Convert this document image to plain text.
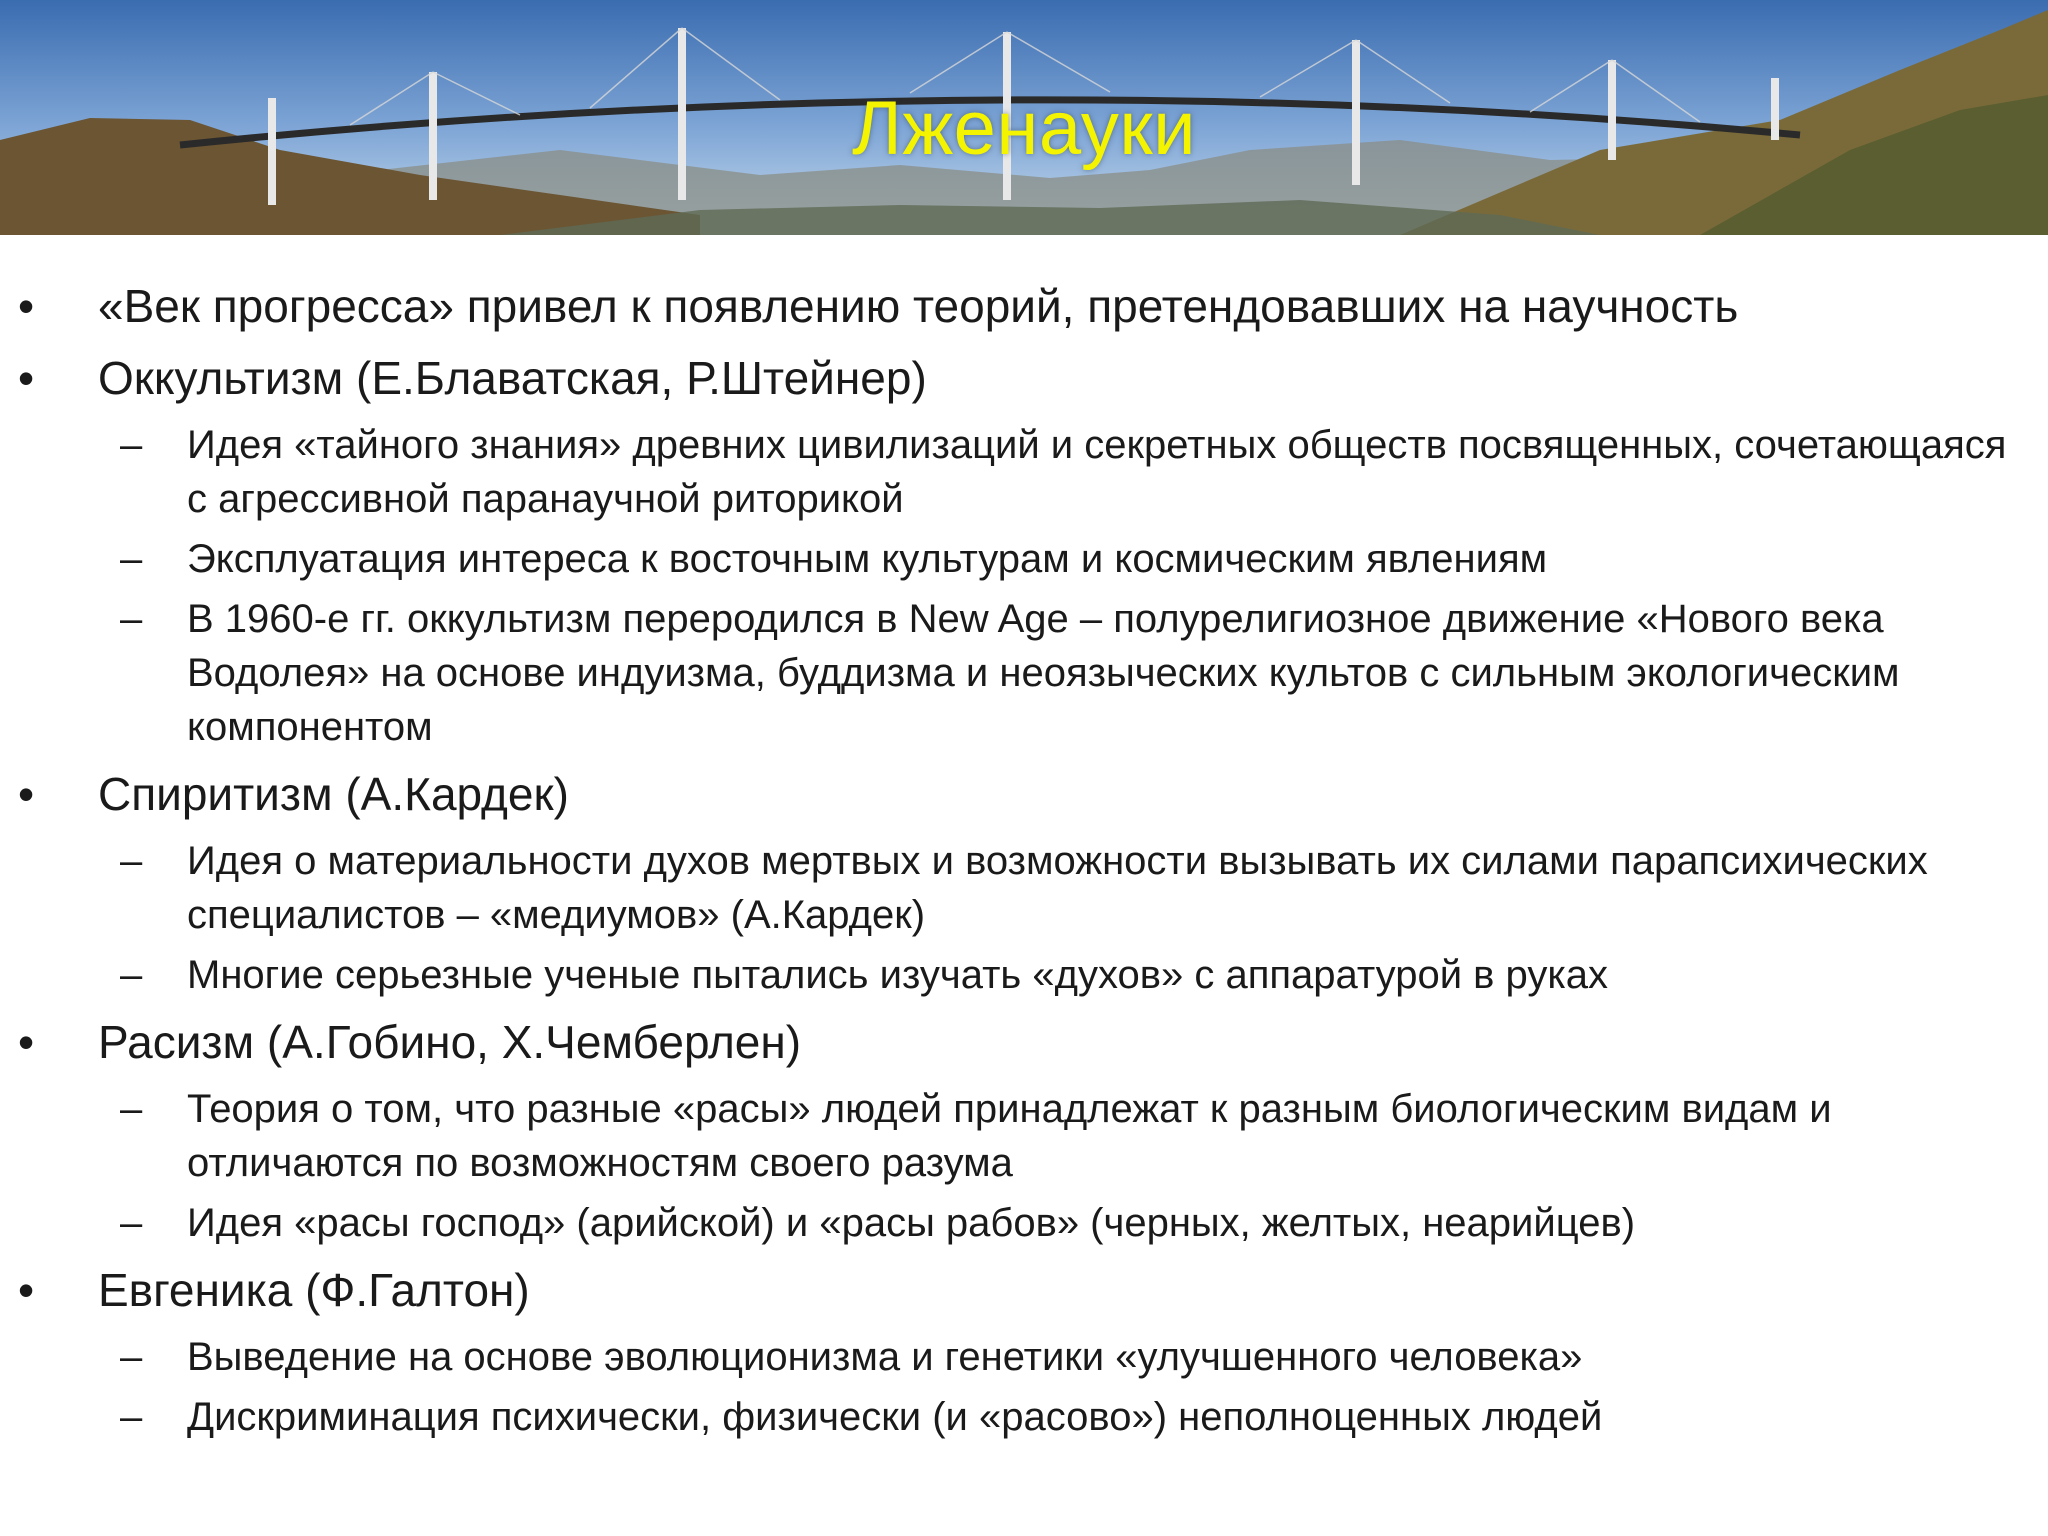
Лженауки
•	«Век прогресса» привел к появлению теорий, претендовавших на научность
•	Оккультизм (Е.Блаватская, Р.Штейнер)
– Идея «тайного знания» древних цивилизаций и секретных обществ посвященных, сочетающаяся с агрессивной паранаучной риторикой
– Эксплуатация интереса к восточным культурам и космическим явлениям
– В 1960-е гг. оккультизм переродился в New Age – полурелигиозное движение «Нового века Водолея» на основе индуизма, буддизма и неоязыческих культов с сильным экологическим компонентом
•	Спиритизм (А.Кардек)
– Идея о материальности духов мертвых и возможности вызывать их силами парапсихических специалистов – «медиумов» (А.Кардек)
– Многие серьезные ученые пытались изучать «духов» с аппаратурой в руках
•	Расизм (А.Гобино, Х.Чемберлен)
– Теория о том, что разные «расы» людей принадлежат к разным биологическим видам и отличаются по возможностям своего разума
– Идея «расы господ» (арийской) и «расы рабов» (черных, желтых, неарийцев)
•	Евгеника (Ф.Галтон)
– Выведение на основе эволюционизма и генетики «улучшенного человека»
– Дискриминация психически, физически (и «расово») неполноценных людей
